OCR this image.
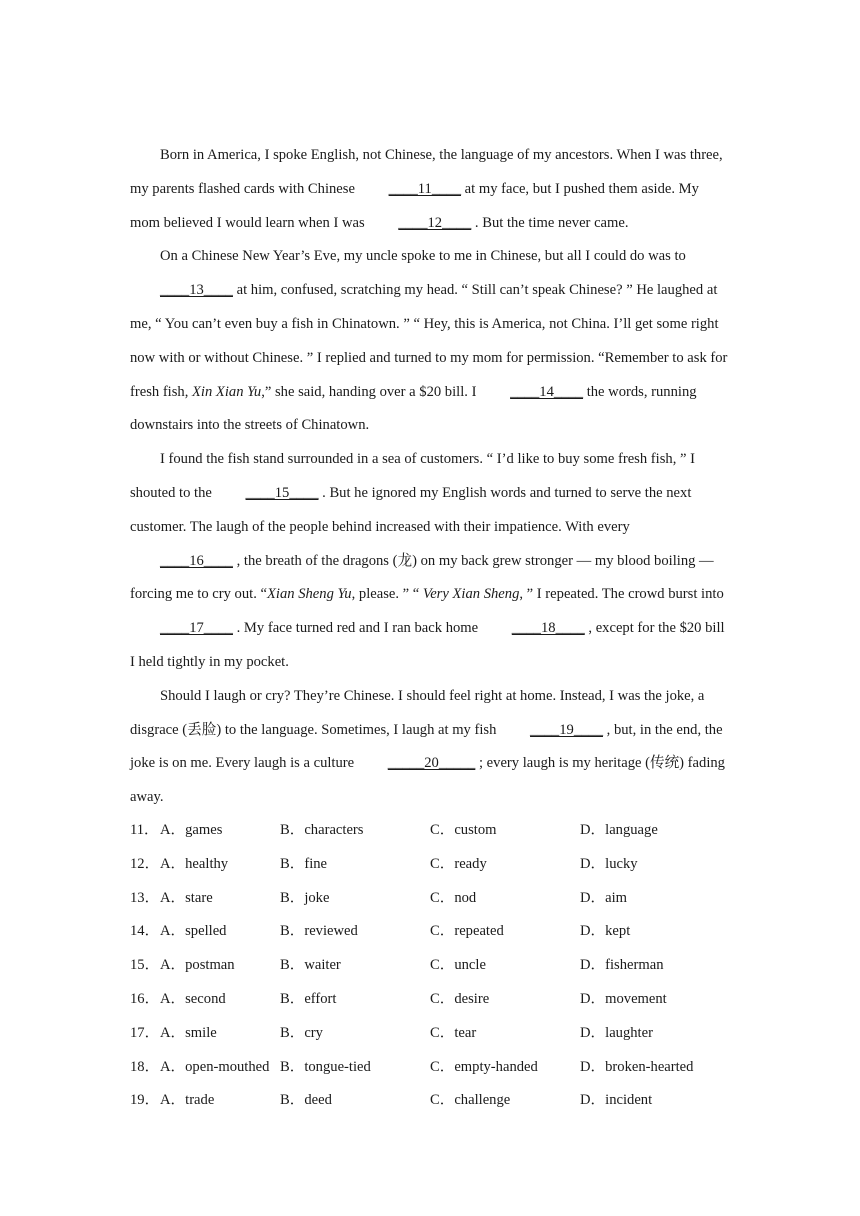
Born in America, I spoke English, not Chinese, the language of my ancestors. When I was three, my parents flashed cards with Chinese ____11____ at my face, but I pushed them aside. My mom believed I would learn when I was ____12____ . But the time never came.

On a Chinese New Year’s Eve, my uncle spoke to me in Chinese, but all I could do was to ____13____ at him, confused, scratching my head. “ Still can’t speak Chinese? ” He laughed at me, “ You can’t even buy a fish in Chinatown. ” “ Hey, this is America, not China. I’ll get some right now with or without Chinese. ” I replied and turned to my mom for permission. “Remember to ask for fresh fish, Xin Xian Yu,” she said, handing over a $20 bill. I ____14____ the words, running downstairs into the streets of Chinatown.

I found the fish stand surrounded in a sea of customers. “ I’d like to buy some fresh fish, ” I shouted to the ____15____ . But he ignored my English words and turned to serve the next customer. The laugh of the people behind increased with their impatience. With every ____16____ , the breath of the dragons (龙) on my back grew stronger — my blood boiling — forcing me to cry out. “Xian Sheng Yu, please. ” “ Very Xian Sheng, ” I repeated. The crowd burst into ____17____ . My face turned red and I ran back home ____18____ , except for the $20 bill I held tightly in my pocket.

Should I laugh or cry? They’re Chinese. I should feel right at home. Instead, I was the joke, a disgrace (丢脸) to the language. Sometimes, I laugh at my fish ____19____ , but, in the end, the joke is on me. Every laugh is a culture _____20_____ ; every laugh is my heritage (传统) fading away.

11． A．games	B．characters	C．custom	D．language
12． A．healthy	B．fine	C．ready	D．lucky
13． A．stare	B．joke	C．nod	D．aim
14． A．spelled	B．reviewed	C．repeated	D．kept
15． A．postman	B．waiter	C．uncle	D．fisherman
16． A．second	B．effort	C．desire	D．movement
17． A．smile	B．cry	C．tear	D．laughter
18． A．open-mouthed B．tongue-tied	C．empty-handed	D．broken-hearted
19． A．trade	B．deed	C．challenge	D．incident
